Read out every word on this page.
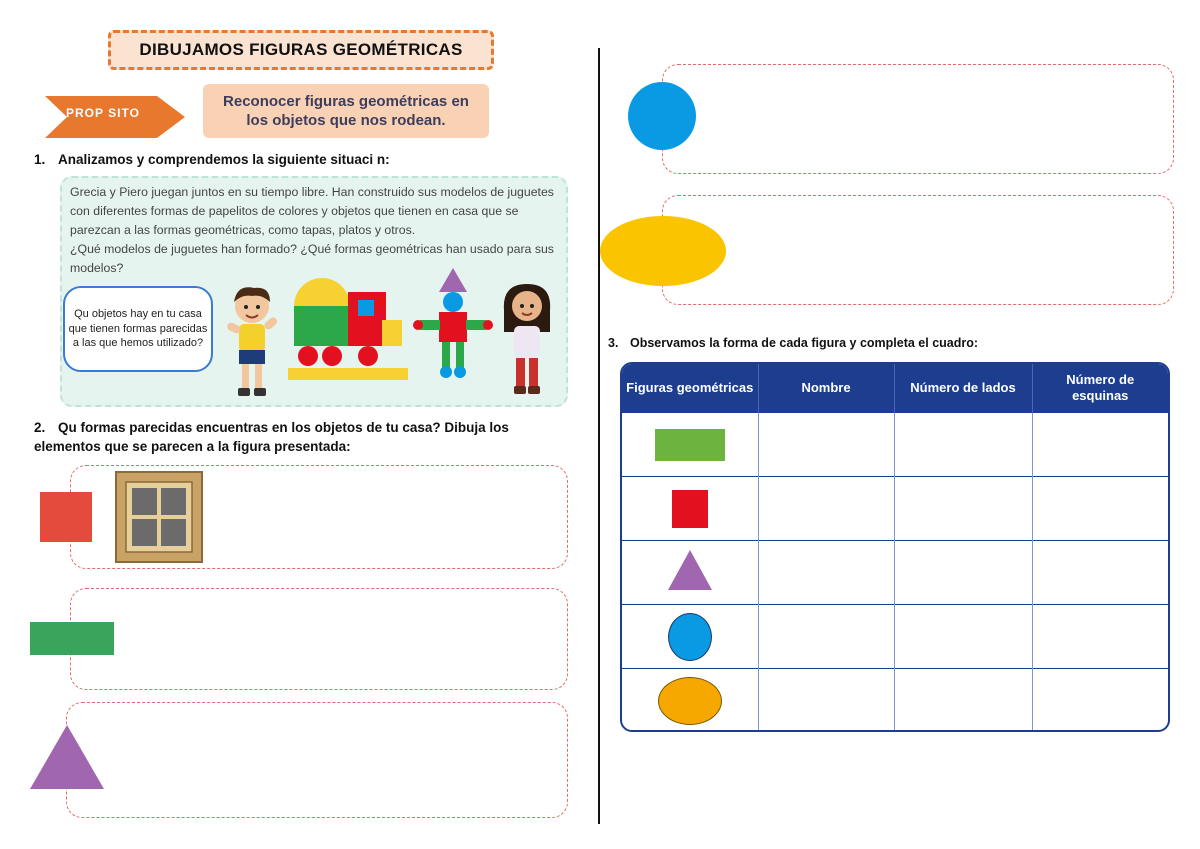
DIBUJAMOS FIGURAS GEOMÉTRICAS
PROP SITO
Reconocer figuras geométricas en los objetos que nos rodean.
1. Analizamos y comprendemos la siguiente situaci n:

Grecia y Piero juegan juntos en su tiempo libre. Han construido sus modelos de juguetes con diferentes formas de papelitos de colores y objetos que tienen en casa que se parezcan a las formas geométricas, como tapas, platos y otros.

¿Qué modelos de juguetes han formado? ¿Qué formas geométricas han usado para sus modelos?

Qu objetos hay en tu casa que tienen formas parecidas a las que hemos utilizado?
2. Qu formas parecidas encuentras en los objetos de tu casa? Dibuja los elementos que se parecen a la figura presentada:
3. Observamos la forma de cada figura y completa el cuadro:
Figuras geométricas	Nombre	Número de lados	Número de esquinas
